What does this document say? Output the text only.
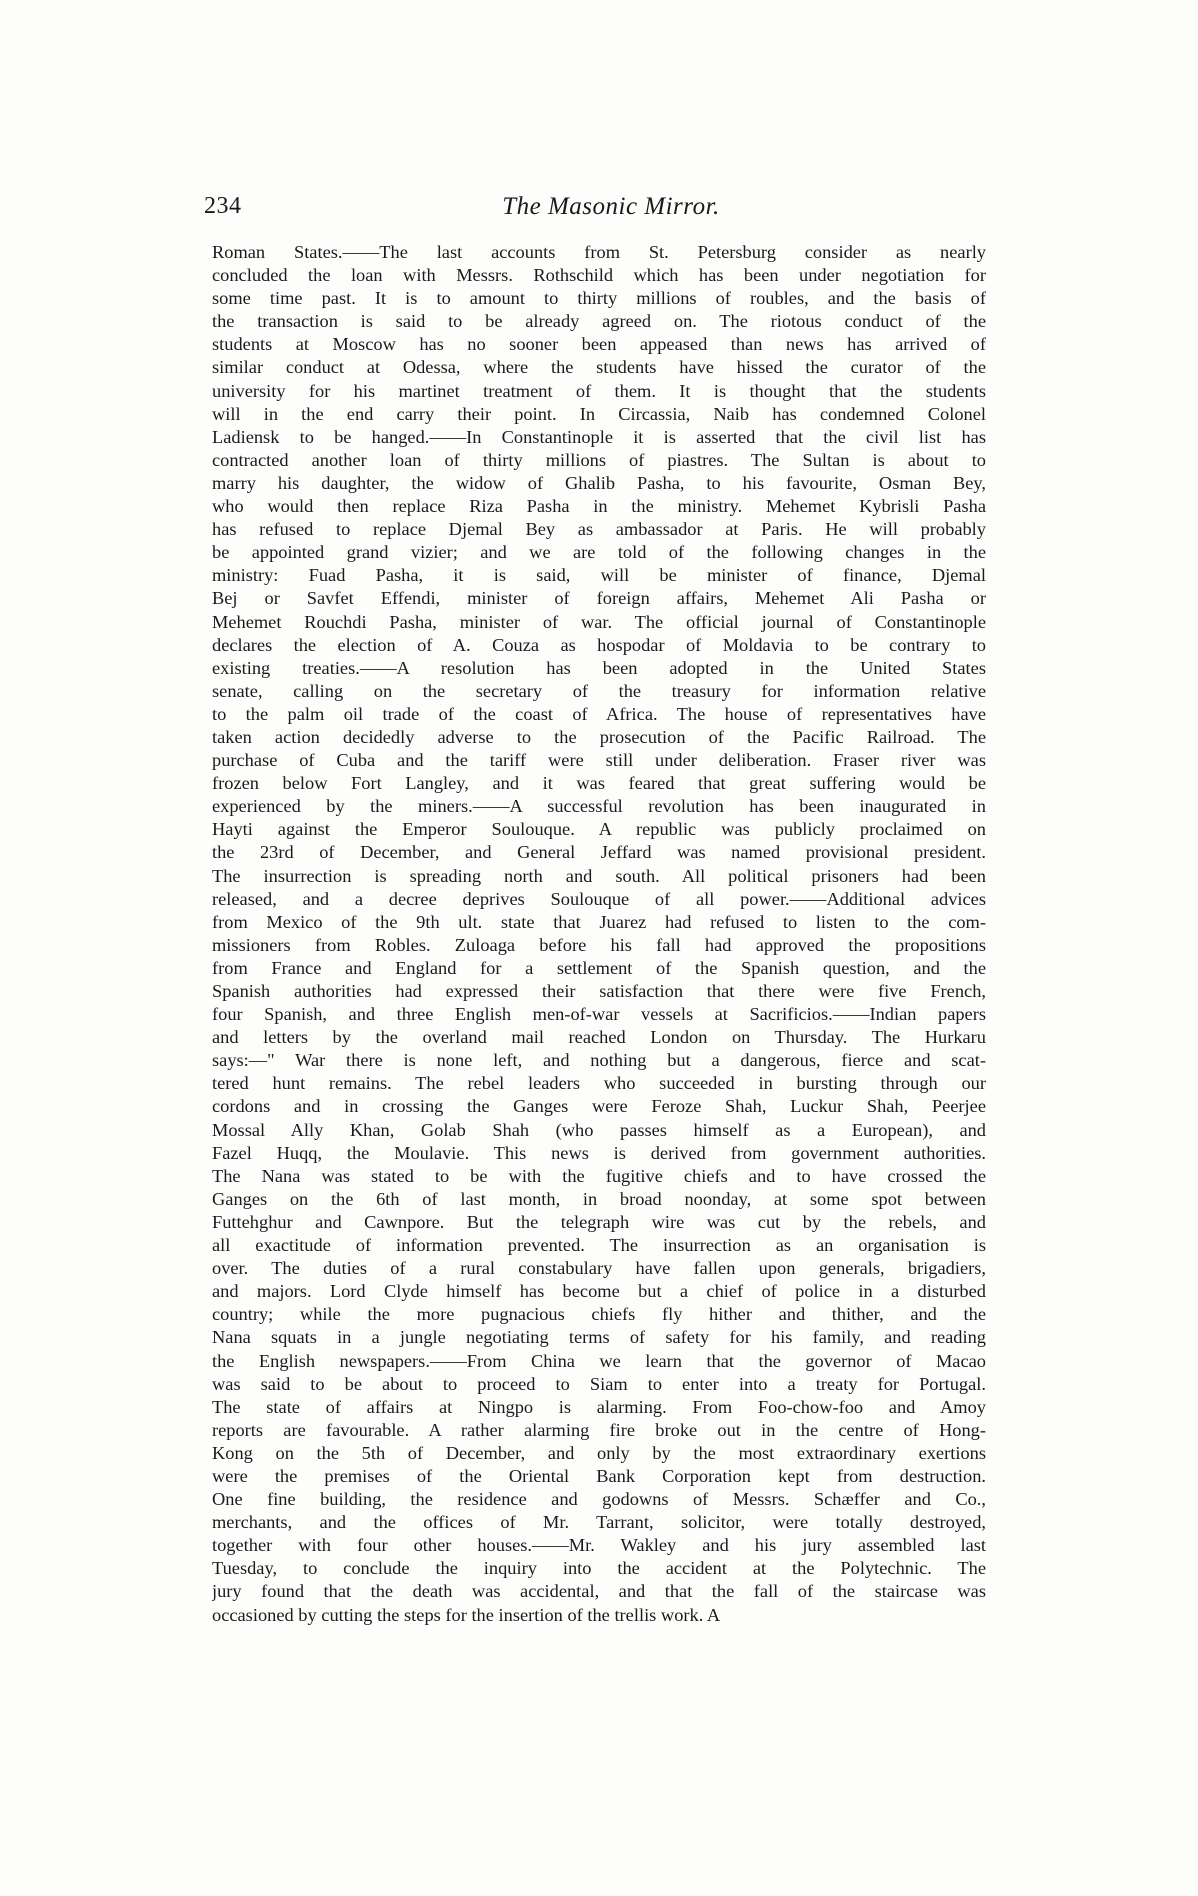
234	The Masonic Mirror.
Roman States.——The last accounts from St. Petersburg consider as nearly
concluded the loan with Messrs. Rothschild which has been under negotiation for
some time past. It is to amount to thirty millions of roubles, and the basis of
the transaction is said to be already agreed on. The riotous conduct of the
students at Moscow has no sooner been appeased than news has arrived of
similar conduct at Odessa, where the students have hissed the curator of the
university for his martinet treatment of them. It is thought that the students
will in the end carry their point. In Circassia, Naib has condemned Colonel
Ladiensk to be hanged.——In Constantinople it is asserted that the civil list has
contracted another loan of thirty millions of piastres. The Sultan is about to
marry his daughter, the widow of Ghalib Pasha, to his favourite, Osman Bey,
who would then replace Riza Pasha in the ministry. Mehemet Kybrisli Pasha
has refused to replace Djemal Bey as ambassador at Paris. He will probably
be appointed grand vizier; and we are told of the following changes in the
ministry: Fuad Pasha, it is said, will be minister of finance, Djemal
Bej or Savfet Effendi, minister of foreign affairs, Mehemet Ali Pasha or
Mehemet Rouchdi Pasha, minister of war. The official journal of Constantinople
declares the election of A. Couza as hospodar of Moldavia to be contrary to
existing treaties.——A resolution has been adopted in the United States
senate, calling on the secretary of the treasury for information relative
to the palm oil trade of the coast of Africa. The house of representatives have
taken action decidedly adverse to the prosecution of the Pacific Railroad. The
purchase of Cuba and the tariff were still under deliberation. Fraser river was
frozen below Fort Langley, and it was feared that great suffering would be
experienced by the miners.——A successful revolution has been inaugurated in
Hayti against the Emperor Soulouque. A republic was publicly proclaimed on
the 23rd of December, and General Jeffard was named provisional president.
The insurrection is spreading north and south. All political prisoners had been
released, and a decree deprives Soulouque of all power.——Additional advices
from Mexico of the 9th ult. state that Juarez had refused to listen to the com-
missioners from Robles. Zuloaga before his fall had approved the propositions
from France and England for a settlement of the Spanish question, and the
Spanish authorities had expressed their satisfaction that there were five French,
four Spanish, and three English men-of-war vessels at Sacrificios.——Indian papers
and letters by the overland mail reached London on Thursday. The Hurkaru
says:—" War there is none left, and nothing but a dangerous, fierce and scat-
tered hunt remains. The rebel leaders who succeeded in bursting through our
cordons and in crossing the Ganges were Feroze Shah, Luckur Shah, Peerjee
Mossal Ally Khan, Golab Shah (who passes himself as a European), and
Fazel Huqq, the Moulavie. This news is derived from government authorities.
The Nana was stated to be with the fugitive chiefs and to have crossed the
Ganges on the 6th of last month, in broad noonday, at some spot between
Futtehghur and Cawnpore. But the telegraph wire was cut by the rebels, and
all exactitude of information prevented. The insurrection as an organisation is
over. The duties of a rural constabulary have fallen upon generals, brigadiers,
and majors. Lord Clyde himself has become but a chief of police in a disturbed
country; while the more pugnacious chiefs fly hither and thither, and the
Nana squats in a jungle negotiating terms of safety for his family, and reading
the English newspapers.——From China we learn that the governor of Macao
was said to be about to proceed to Siam to enter into a treaty for Portugal.
The state of affairs at Ningpo is alarming. From Foo-chow-foo and Amoy
reports are favourable. A rather alarming fire broke out in the centre of Hong-
Kong on the 5th of December, and only by the most extraordinary exertions
were the premises of the Oriental Bank Corporation kept from destruction.
One fine building, the residence and godowns of Messrs. Schæffer and Co.,
merchants, and the offices of Mr. Tarrant, solicitor, were totally destroyed,
together with four other houses.——Mr. Wakley and his jury assembled last
Tuesday, to conclude the inquiry into the accident at the Polytechnic. The
jury found that the death was accidental, and that the fall of the staircase was
occasioned by cutting the steps for the insertion of the trellis work. A
